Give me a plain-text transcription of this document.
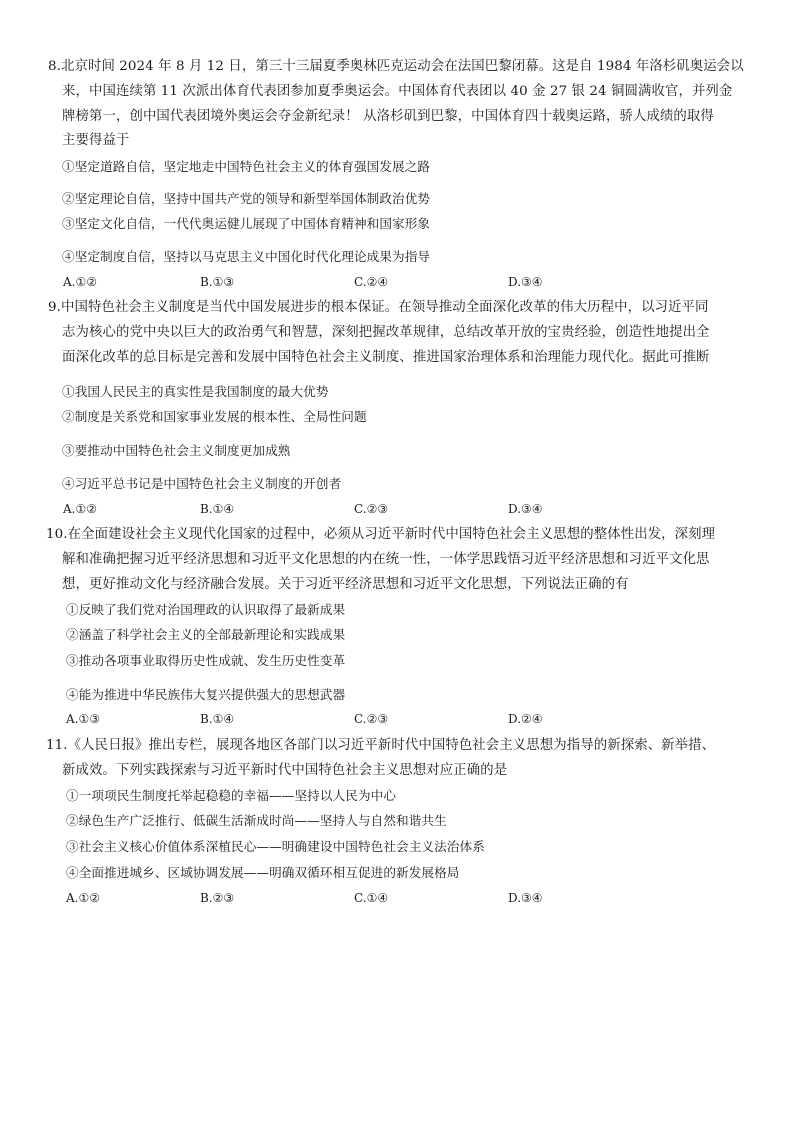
8.北京时间 2024 年 8 月 12 日，第三十三届夏季奥林匹克运动会在法国巴黎闭幕。这是自 1984 年洛杉矶奥运会以
来，中国连续第 11 次派出体育代表团参加夏季奥运会。中国体育代表团以 40 金 27 银 24 铜圆满收官，并列金
牌榜第一，创中国代表团境外奥运会夺金新纪录！ 从洛杉矶到巴黎，中国体育四十载奥运路，骄人成绩的取得
主要得益于
①坚定道路自信，坚定地走中国特色社会主义的体育强国发展之路
②坚定理论自信，坚持中国共产党的领导和新型举国体制政治优势
③坚定文化自信，一代代奥运健儿展现了中国体育精神和国家形象
④坚定制度自信，坚持以马克思主义中国化时代化理论成果为指导
A.①②	B.①③	C.②④	D.③④
9.中国特色社会主义制度是当代中国发展进步的根本保证。在领导推动全面深化改革的伟大历程中，以习近平同
志为核心的党中央以巨大的政治勇气和智慧，深刻把握改革规律，总结改革开放的宝贵经验，创造性地提出全
面深化改革的总目标是完善和发展中国特色社会主义制度、推进国家治理体系和治理能力现代化。据此可推断
①我国人民民主的真实性是我国制度的最大优势
②制度是关系党和国家事业发展的根本性、全局性问题
③要推动中国特色社会主义制度更加成熟
④习近平总书记是中国特色社会主义制度的开创者
A.①②	B.①④	C.②③	D.③④
10.在全面建设社会主义现代化国家的过程中，必须从习近平新时代中国特色社会主义思想的整体性出发，深刻理
解和准确把握习近平经济思想和习近平文化思想的内在统一性，一体学思践悟习近平经济思想和习近平文化思
想，更好推动文化与经济融合发展。关于习近平经济思想和习近平文化思想，下列说法正确的有
①反映了我们党对治国理政的认识取得了最新成果
②涵盖了科学社会主义的全部最新理论和实践成果
③推动各项事业取得历史性成就、发生历史性变革
④能为推进中华民族伟大复兴提供强大的思想武器
A.①③	B.①④	C.②③	D.②④
11.《人民日报》推出专栏，展现各地区各部门以习近平新时代中国特色社会主义思想为指导的新探索、新举措、
新成效。下列实践探索与习近平新时代中国特色社会主义思想对应正确的是
①一项项民生制度托举起稳稳的幸福——坚持以人民为中心
②绿色生产广泛推行、低碳生活渐成时尚——坚持人与自然和谐共生
③社会主义核心价值体系深植民心——明确建设中国特色社会主义法治体系
④全面推进城乡、区域协调发展——明确双循环相互促进的新发展格局
A.①②	B.②③	C.①④	D.③④
